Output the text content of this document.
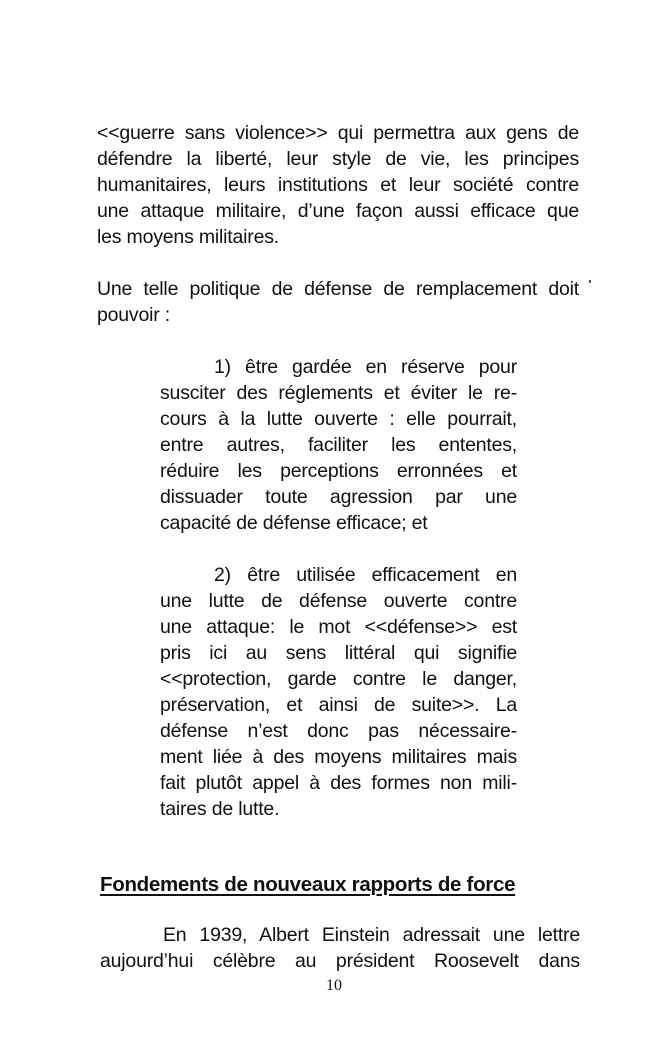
<<guerre sans violence>> qui permettra aux gens de
défendre la liberté, leur style de vie, les principes
humanitaires, leurs institutions et leur société contre
une attaque militaire, d’une façon aussi efficace que
les moyens militaires.
Une telle politique de défense de remplacement doit
pouvoir :
1) être gardée en réserve pour
susciter des réglements et éviter le re-
cours à la lutte ouverte : elle pourrait,
entre autres, faciliter les ententes,
réduire les perceptions erronnées et
dissuader toute agression par une
capacité de défense efficace; et
2) être utilisée efficacement en
une lutte de défense ouverte contre
une attaque: le mot <<défense>> est
pris ici au sens littéral qui signifie
<<protection, garde contre le danger,
préservation, et ainsi de suite>>. La
défense n’est donc pas nécessaire-
ment liée à des moyens militaires mais
fait plutôt appel à des formes non mili-
taires de lutte.
Fondements de nouveaux rapports de force
En 1939, Albert Einstein adressait une lettre
aujourd’hui célèbre au président Roosevelt dans
10
